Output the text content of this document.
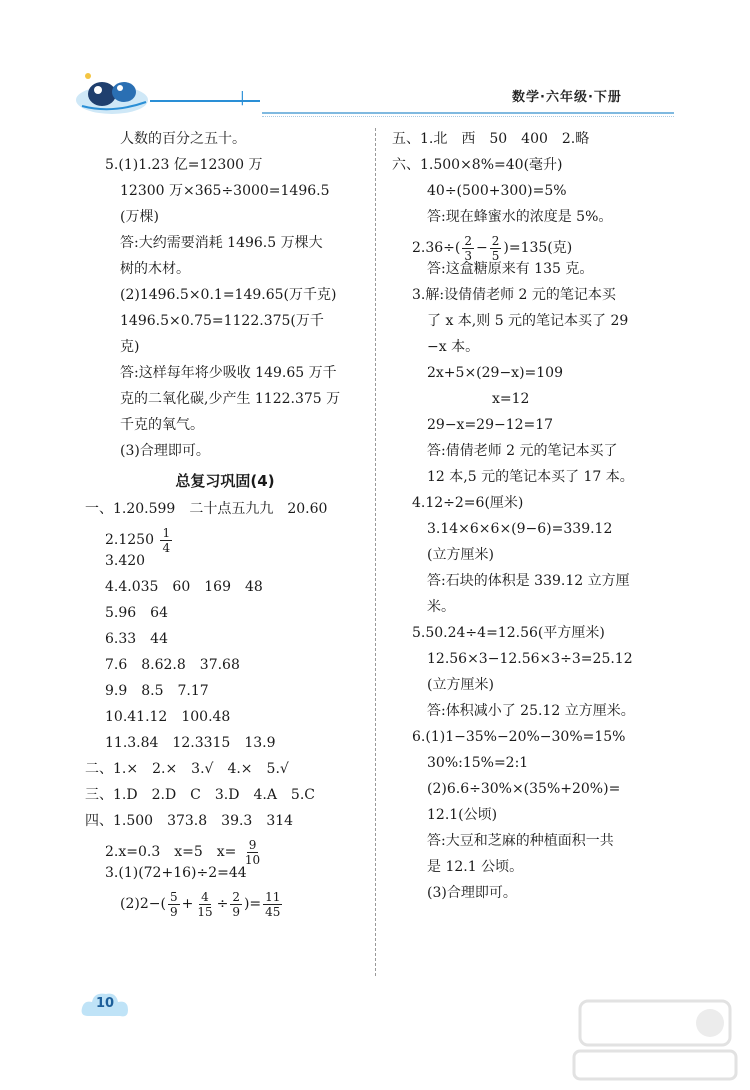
|	数学·六年级·下册
人数的百分之五十。
5.(1)1.23 亿=12300 万
12300 万×365÷3000=1496.5
(万棵)
答:大约需要消耗 1496.5 万棵大
树的木材。
(2)1496.5×0.1=149.65(万千克)
1496.5×0.75=1122.375(万千
克)
答:这样每年将少吸收 149.65 万千
克的二氧化碳,少产生 1122.375 万
千克的氧气。
(3)合理即可。
总复习巩固(4)
一、1.20.599　二十点五九九　20.60
$2.1250 \frac{1}{4}$
3.420
4.4.035　60　169　48
5.96　64
6.33　44
7.6　8.62.8　37.68
9.9　8.5　7.17
10.41.12　100.48
11.3.84　12.3315　13.9
二、1.×　2.×　3.√　4.×　5.√
三、1.D　2.D　C　3.D　4.A　5.C
四、1.500　373.8　39.3　314
2.x=0.3　x=5　$x= \frac{9}{10}$
3.(1)(72+16)÷2=44
$(2)2-( \frac{5}{9} + \frac{4}{15} \div \frac{2}{9}$ )= $\frac{11}{45}$
五、1.北　西　50　400　2.略
六、1.500×8%=40(毫升)
40÷(500+300)=5%
答:现在蜂蜜水的浓度是 5%。
$2.36\div( \frac{2}{3} - \frac{2}{5} )=135$(克)
答:这盒糖原来有 135 克。
3.解:设倩倩老师 2 元的笔记本买
了 x 本,则 5 元的笔记本买了 29
−x 本。
2x+5×(29−x)=109
x=12
29−x=29−12=17
答:倩倩老师 2 元的笔记本买了
12 本,5 元的笔记本买了 17 本。
4.12÷2=6(厘米)
3.14×6×6×(9−6)=339.12
(立方厘米)
答:石块的体积是 339.12 立方厘
米。
5.50.24÷4=12.56(平方厘米)
12.56×3−12.56×3÷3=25.12
(立方厘米)
答:体积减小了 25.12 立方厘米。
6.(1)1−35%−20%−30%=15%
30%:15%=2:1
(2)6.6÷30%×(35%+20%)=
12.1(公顷)
答:大豆和芝麻的种植面积一共
是 12.1 公顷。
(3)合理即可。
10
